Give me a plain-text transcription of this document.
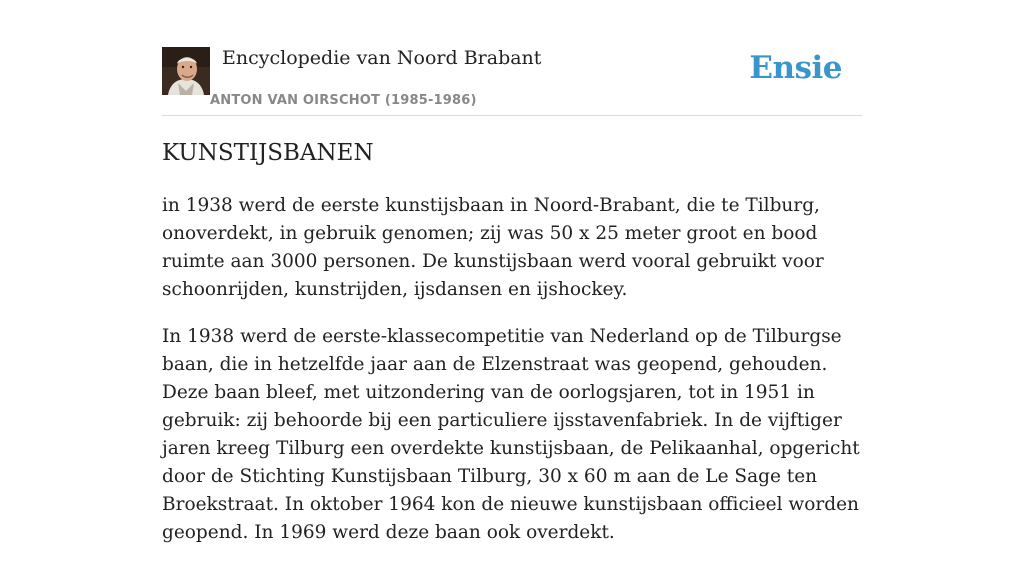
Encyclopedie van Noord Brabant
ANTON VAN OIRSCHOT (1985-1986)
Ensie
KUNSTIJSBANEN

in 1938 werd de eerste kunstijsbaan in Noord-Brabant, die te Tilburg, onoverdekt, in gebruik genomen; zij was 50 x 25 meter groot en bood ruimte aan 3000 personen. De kunstijsbaan werd vooral gebruikt voor schoonrijden, kunstrijden, ijsdansen en ijshockey.

In 1938 werd de eerste-klassecompetitie van Nederland op de Tilburgse baan, die in hetzelfde jaar aan de Elzenstraat was geopend, gehouden. Deze baan bleef, met uitzondering van de oorlogsjaren, tot in 1951 in gebruik: zij behoorde bij een particuliere ijsstavenfabriek. In de vijftiger jaren kreeg Tilburg een overdekte kunstijsbaan, de Pelikaanhal, opgericht door de Stichting Kunstijsbaan Tilburg, 30 x 60 m aan de Le Sage ten Broekstraat. In oktober 1964 kon de nieuwe kunstijsbaan officieel worden geopend. In 1969 werd deze baan ook overdekt.
